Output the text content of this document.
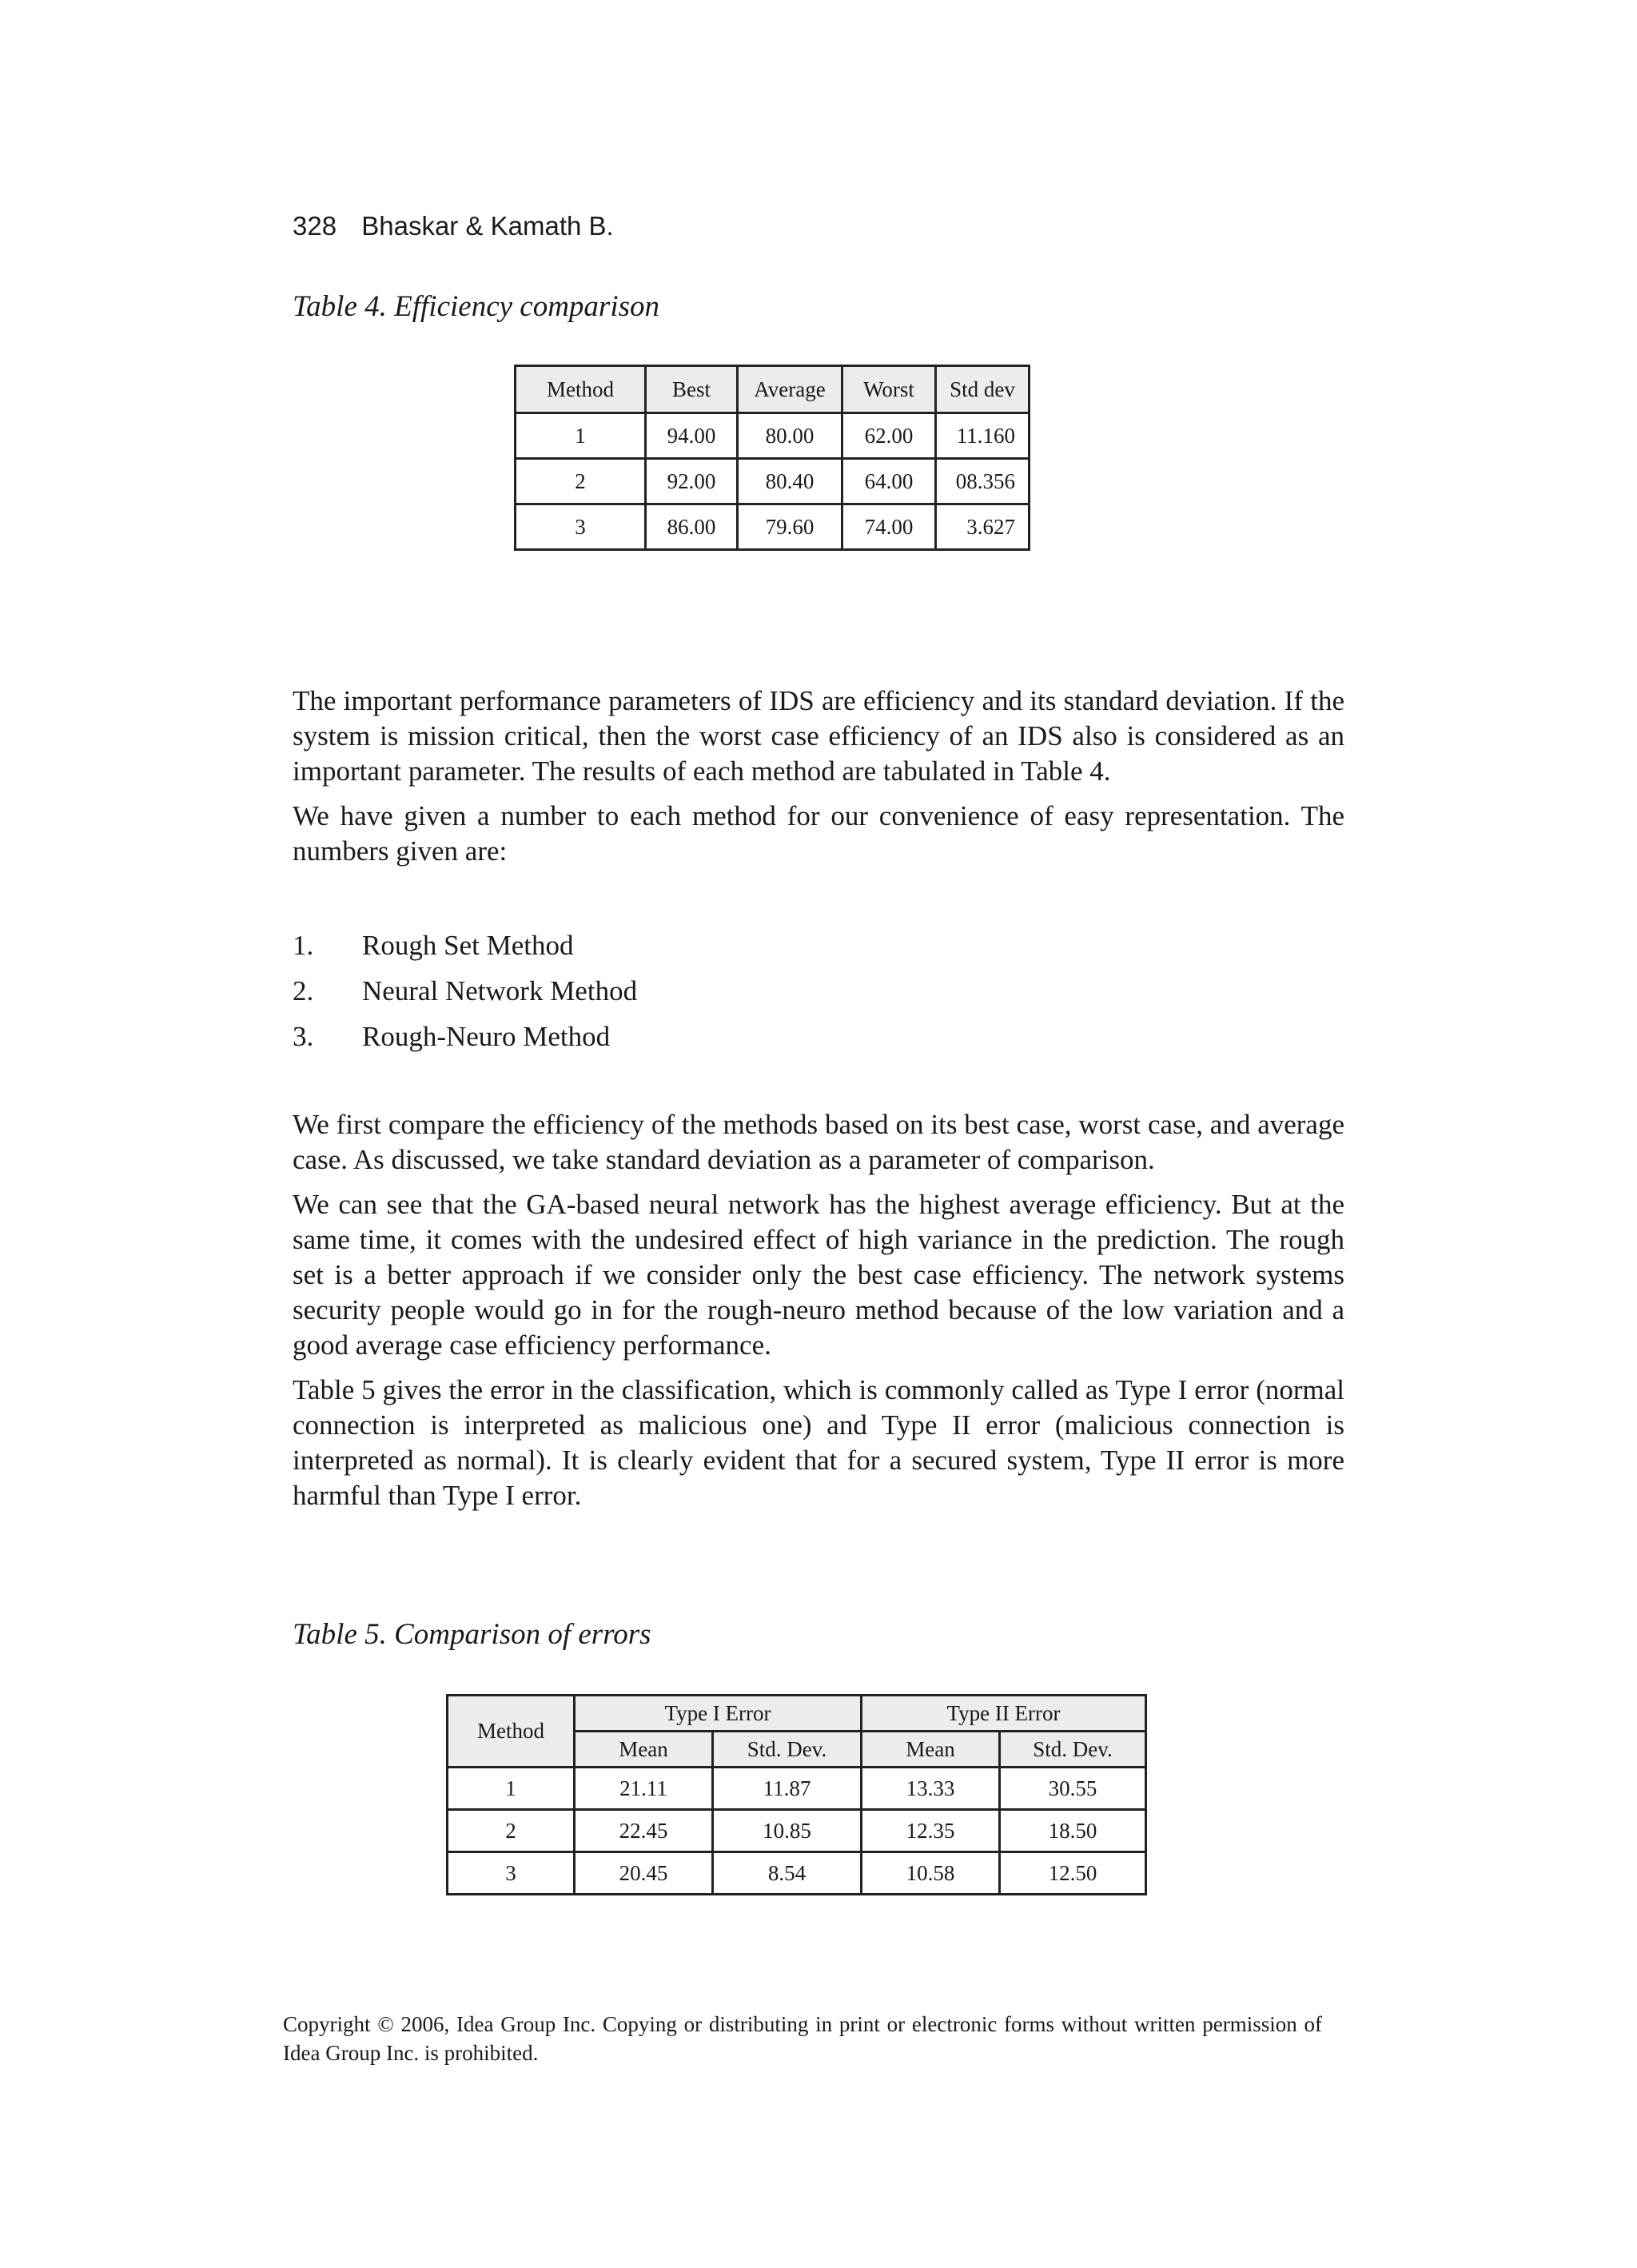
328 Bhaskar & Kamath B.
Table 4. Efficiency comparison
Method	Best	Average	Worst	Std dev
1	94.00	80.00	62.00	11.160
2	92.00	80.40	64.00	08.356
3	86.00	79.60	74.00	3.627

The important performance parameters of IDS are efficiency and its standard deviation. If the system is mission critical, then the worst case efficiency of an IDS also is considered as an important parameter. The results of each method are tabulated in Table 4.

We have given a number to each method for our convenience of easy representation. The numbers given are:

1. Rough Set Method
2. Neural Network Method
3. Rough-Neuro Method

We first compare the efficiency of the methods based on its best case, worst case, and average case. As discussed, we take standard deviation as a parameter of comparison.

We can see that the GA-based neural network has the highest average efficiency. But at the same time, it comes with the undesired effect of high variance in the prediction. The rough set is a better approach if we consider only the best case efficiency. The network systems security people would go in for the rough-neuro method because of the low variation and a good average case efficiency performance.

Table 5 gives the error in the classification, which is commonly called as Type I error (normal connection is interpreted as malicious one) and Type II error (malicious connection is interpreted as normal). It is clearly evident that for a secured system, Type II error is more harmful than Type I error.

Table 5. Comparison of errors
Method	Type I Error		Type II Error	
	Mean	Std. Dev.	Mean	Std. Dev.
1	21.11	11.87	13.33	30.55
2	22.45	10.85	12.35	18.50
3	20.45	8.54	10.58	12.50
Copyright © 2006, Idea Group Inc. Copying or distributing in print or electronic forms without written permission of Idea Group Inc. is prohibited.
